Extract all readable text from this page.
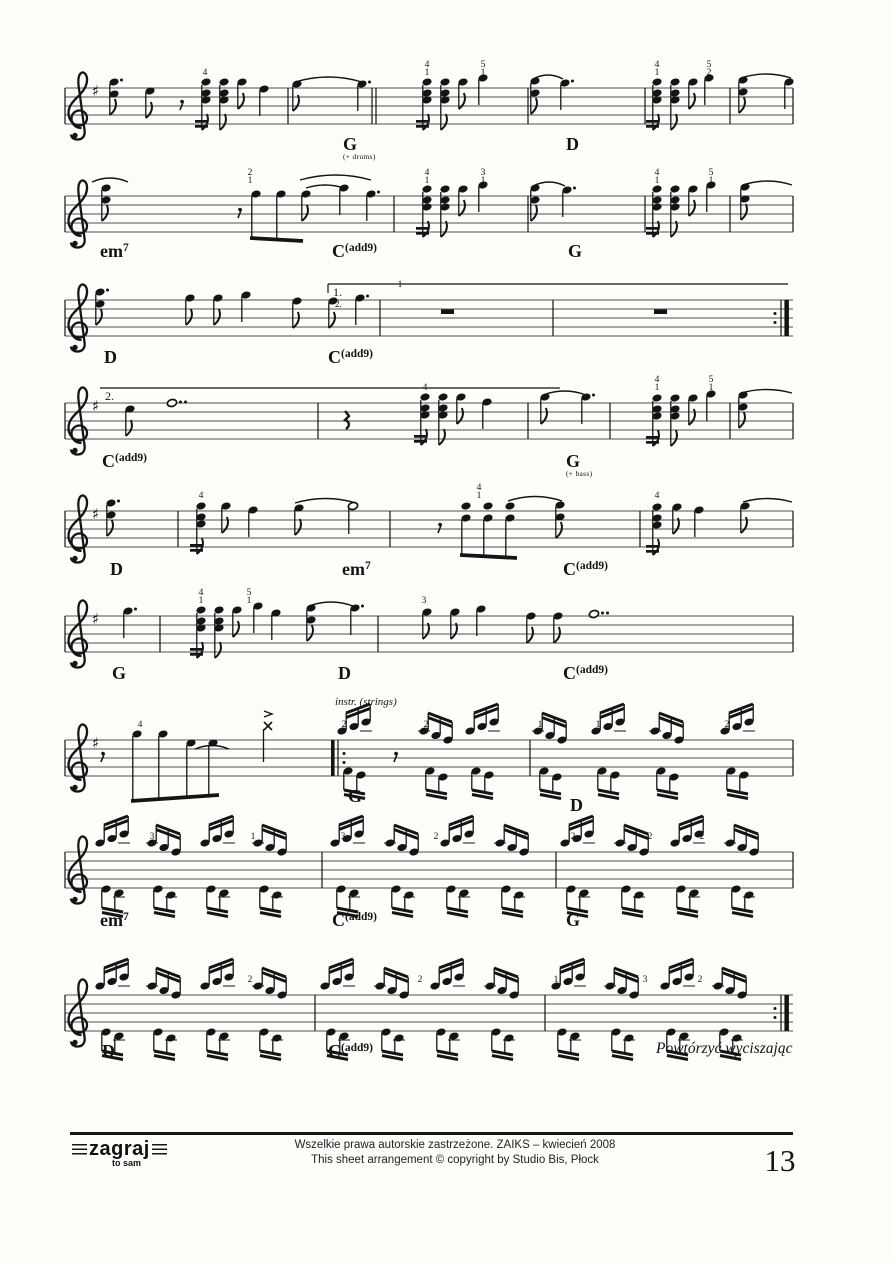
♯
♯
♯
♯
♯
G
(+ drums)
D
4
4
1
5
1
4
1
5
2
$em^7$	$C^{(add9)}$	G
2
1
4
1
3
1
4
1
5
1
D	$C^{(add9)}$
1
1.
2.
$C^{(add9)}$	G
(+ bass)
4
4
1
5
1
2.
D	$em^7$	$C^{(add9)}$
4
4
1	4
G	D	$C^{(add9)}$
4
1
5
1	3
G	D
4	2	2	1	1	2
instr. (strings)
$em^7$	$C^{(add9)}$	G
3	1	3	2	1	2	2	2
D	$C^{(add9)}$
2	2	1	3	2
Powtórzyć wyciszając
zagraj
to sam
Wszelkie prawa autorskie zastrzeżone. ZAIKS – kwiecień 2008
This sheet arrangement © copyright by Studio Bis, Płock	13
